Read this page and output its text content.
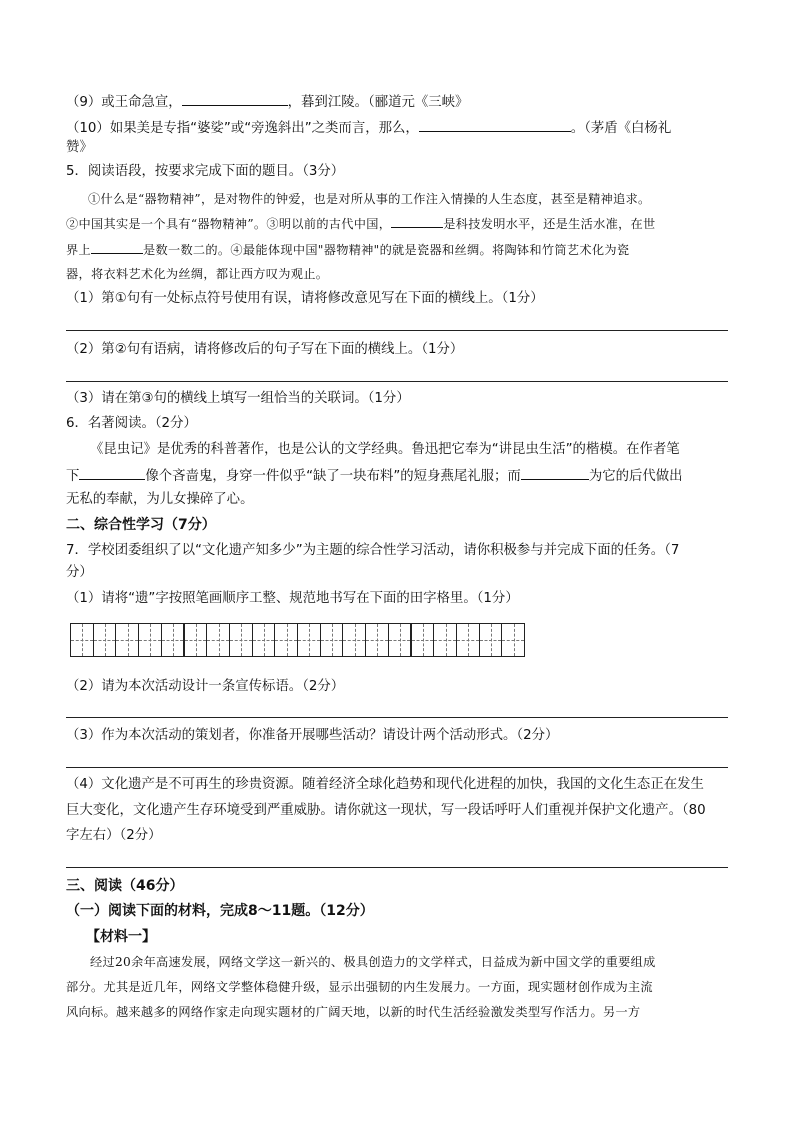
（9）或王命急宣，	，暮到江陵。（郦道元《三峡》
（10）如果美是专指“婆娑”或“旁逸斜出”之类而言，那么，	。（茅盾《白杨礼
赞》
5．阅读语段，按要求完成下面的题目。（3分）
①什么是“器物精神”，是对物件的钟爱，也是对所从事的工作注入情操的人生态度，甚至是精神追求。
②中国其实是一个具有“器物精神”。③明以前的古代中国，	是科技发明水平，还是生活水准，在世
界上	是数一数二的。④最能体现中国"器物精神"的就是瓷器和丝绸。将陶钵和竹筒艺术化为瓷
器，将衣料艺术化为丝绸，都让西方叹为观止。
（1）第①句有一处标点符号使用有误，请将修改意见写在下面的横线上。（1分）
（2）第②句有语病，请将修改后的句子写在下面的横线上。（1分）
（3）请在第③句的横线上填写一组恰当的关联词。（1分）
6．名著阅读。（2分）
《昆虫记》是优秀的科普著作，也是公认的文学经典。鲁迅把它奉为“讲昆虫生活”的楷模。在作者笔
下	像个吝啬鬼，身穿一件似乎“缺了一块布料”的短身燕尾礼服；而	为它的后代做出
无私的奉献，为儿女操碎了心。
二、综合性学习（7分）
7．学校团委组织了以“文化遗产知多少”为主题的综合性学习活动，请你积极参与并完成下面的任务。（7
分）
（1）请将“遗”字按照笔画顺序工整、规范地书写在下面的田字格里。（1分）
（2）请为本次活动设计一条宣传标语。（2分）
（3）作为本次活动的策划者，你准备开展哪些活动？请设计两个活动形式。（2分）
（4）文化遗产是不可再生的珍贵资源。随着经济全球化趋势和现代化进程的加快，我国的文化生态正在发生
巨大变化，文化遗产生存环境受到严重威胁。请你就这一现状，写一段话呼吁人们重视并保护文化遗产。（80
字左右）（2分）
三、阅读（46分）
（一）阅读下面的材料，完成8～11题。（12分）
【材料一】
经过20余年高速发展，网络文学这一新兴的、极具创造力的文学样式，日益成为新中国文学的重要组成
部分。尤其是近几年，网络文学整体稳健升级，显示出强韧的内生发展力。一方面，现实题材创作成为主流
风向标。越来越多的网络作家走向现实题材的广阔天地，以新的时代生活经验激发类型写作活力。另一方
